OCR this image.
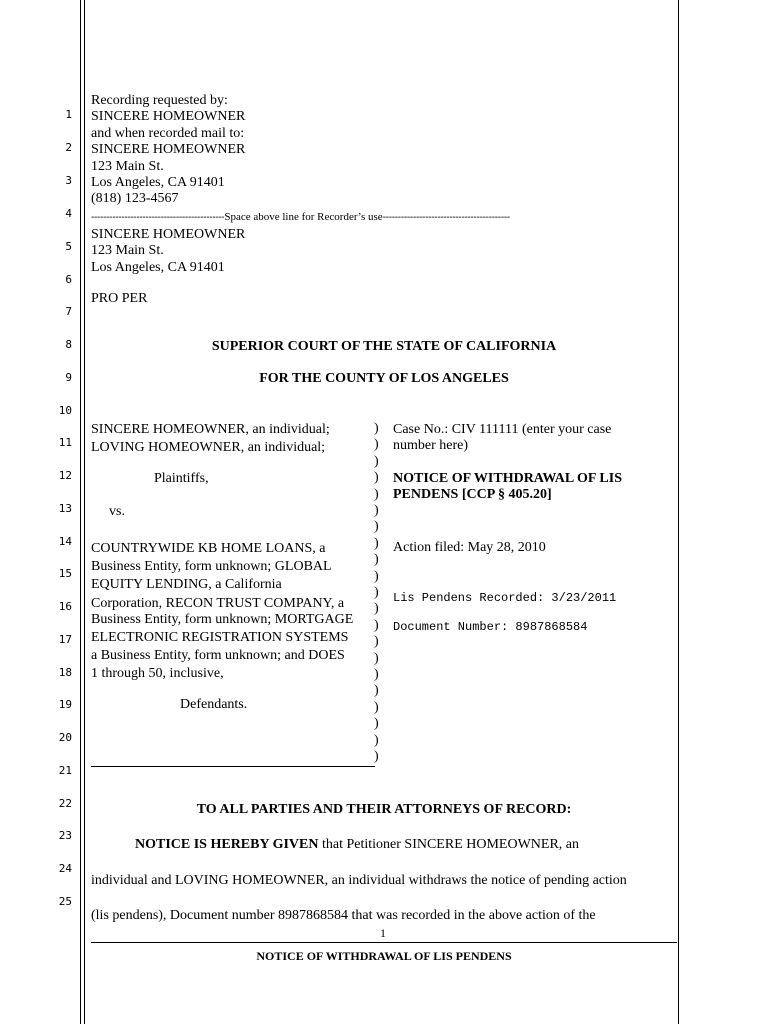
1
2
3
4
5
6
7
8
9
10
11
12
13
14
15
16
17
18
19
20
21
22
23
24
25
Recording requested by:
SINCERE HOMEOWNER
and when recorded mail to:
SINCERE HOMEOWNER
123 Main St.
Los Angeles, CA 91401
(818) 123-4567
--------------------------------------------Space above line for Recorder’s use------------------------------------------
SINCERE HOMEOWNER
123 Main St.
Los Angeles, CA 91401
PRO PER
SUPERIOR COURT OF THE STATE OF CALIFORNIA
FOR THE COUNTY OF LOS ANGELES
SINCERE HOMEOWNER, an individual;
LOVING HOMEOWNER, an individual;
Plaintiffs,
vs.
COUNTRYWIDE KB HOME LOANS, a
Business Entity, form unknown; GLOBAL
EQUITY LENDING, a California
Corporation, RECON TRUST COMPANY, a
Business Entity, form unknown; MORTGAGE
ELECTRONIC REGISTRATION SYSTEMS
a Business Entity, form unknown; and DOES
1 through 50, inclusive,
Defendants.
)
)
)
)
)
)
)
)
)
)
)
)
)
)
)
)
)
)
)
)
)
Case No.: CIV 111111 (enter your case
number here)
NOTICE OF WITHDRAWAL OF LIS
PENDENS [CCP § 405.20]
Action filed: May 28, 2010
Lis Pendens Recorded: 3/23/2011
Document Number: 8987868584
TO ALL PARTIES AND THEIR ATTORNEYS OF RECORD:
NOTICE IS HEREBY GIVEN that Petitioner SINCERE HOMEOWNER, an
individual and LOVING HOMEOWNER, an individual withdraws the notice of pending action
(lis pendens), Document number 8987868584 that was recorded in the above action of the
1
NOTICE OF WITHDRAWAL OF LIS PENDENS
